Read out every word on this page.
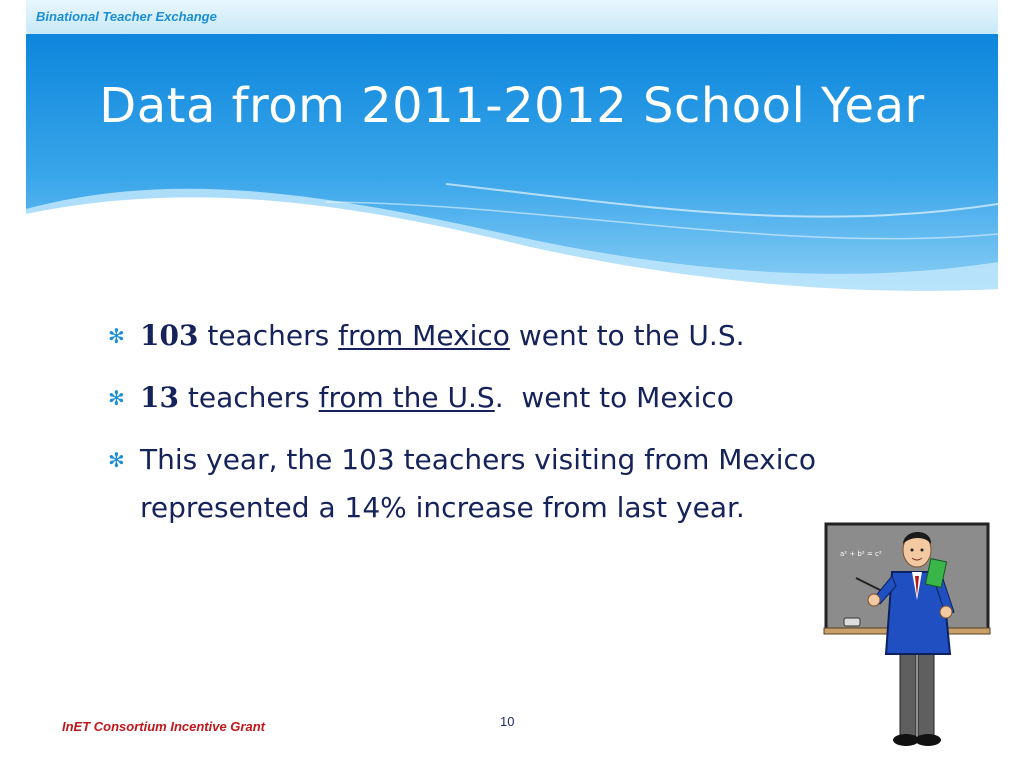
Binational Teacher Exchange
Data from 2011-2012 School Year
✻ 103 teachers from Mexico went to the U.S.
✻ 13 teachers from the U.S.  went to Mexico
✻ This year, the 103 teachers visiting from Mexico represented a 14% increase from last year.
a² + b² = c²
InET Consortium Incentive Grant	10
